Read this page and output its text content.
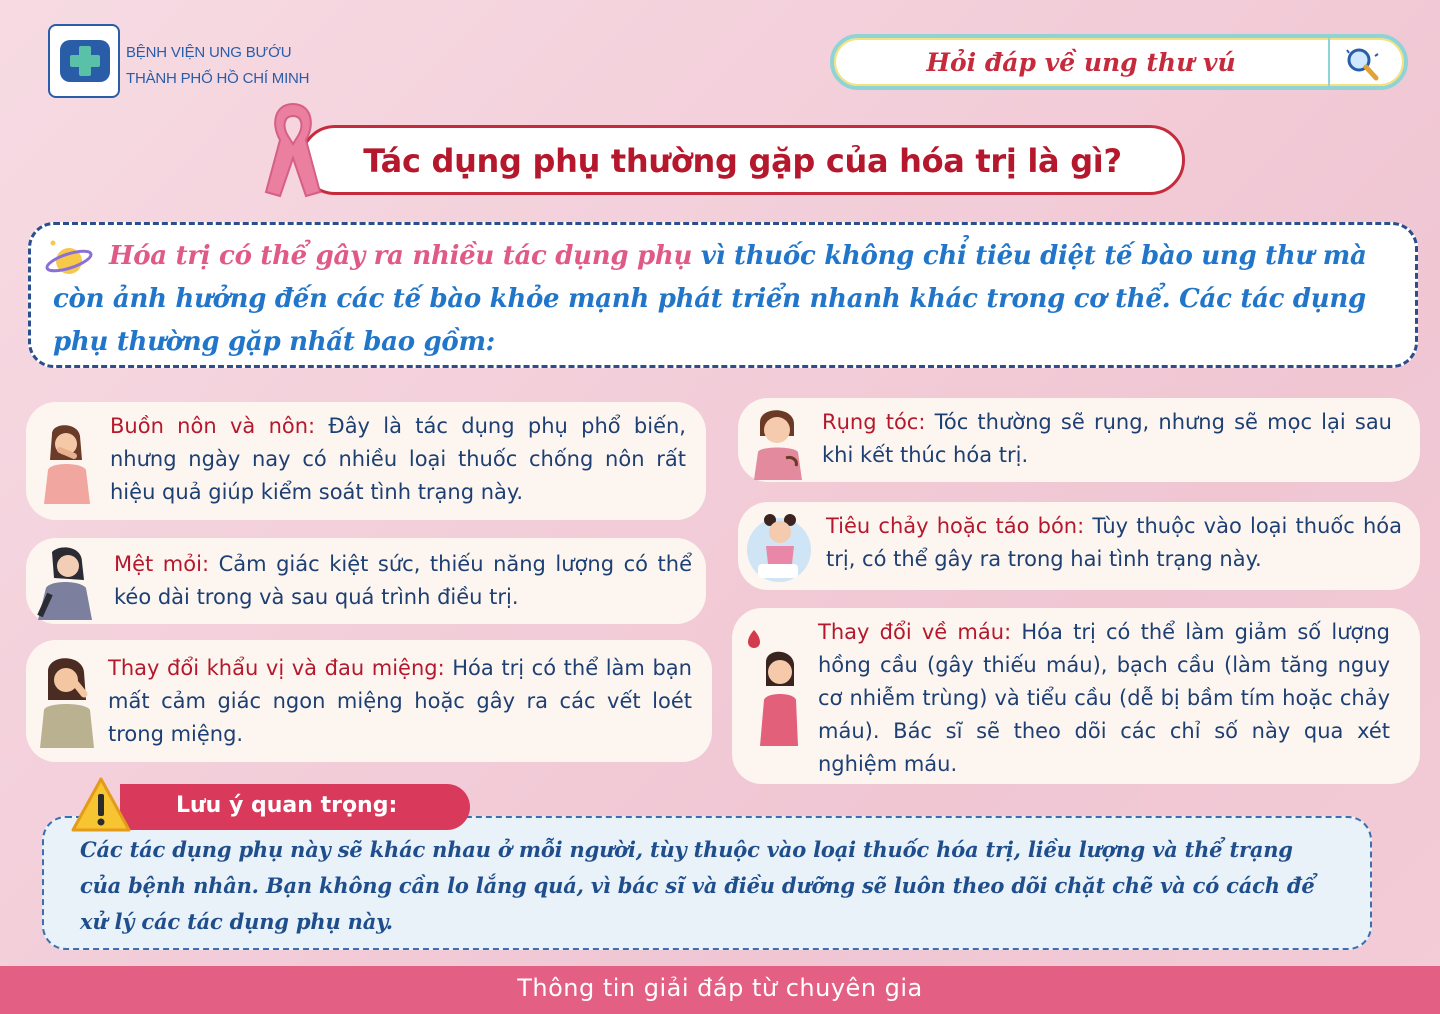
BỆNH VIỆN UNG BƯỚU
THÀNH PHỐ HỒ CHÍ MINH
Hỏi đáp về ung thư vú
Tác dụng phụ thường gặp của hóa trị là gì?

Hóa trị có thể gây ra nhiều tác dụng phụ vì thuốc không chỉ tiêu diệt tế bào ung thư mà còn ảnh hưởng đến các tế bào khỏe mạnh phát triển nhanh khác trong cơ thể. Các tác dụng phụ thường gặp nhất bao gồm:

Buồn nôn và nôn: Đây là tác dụng phụ phổ biến, nhưng ngày nay có nhiều loại thuốc chống nôn rất hiệu quả giúp kiểm soát tình trạng này.
Mệt mỏi: Cảm giác kiệt sức, thiếu năng lượng có thể kéo dài trong và sau quá trình điều trị.
Thay đổi khẩu vị và đau miệng: Hóa trị có thể làm bạn mất cảm giác ngon miệng hoặc gây ra các vết loét trong miệng.
Rụng tóc: Tóc thường sẽ rụng, nhưng sẽ mọc lại sau khi kết thúc hóa trị.
Tiêu chảy hoặc táo bón: Tùy thuộc vào loại thuốc hóa trị, có thể gây ra trong hai tình trạng này.
Thay đổi về máu: Hóa trị có thể làm giảm số lượng hồng cầu (gây thiếu máu), bạch cầu (làm tăng nguy cơ nhiễm trùng) và tiểu cầu (dễ bị bầm tím hoặc chảy máu). Bác sĩ sẽ theo dõi các chỉ số này qua xét nghiệm máu.

Các tác dụng phụ này sẽ khác nhau ở mỗi người, tùy thuộc vào loại thuốc hóa trị, liều lượng và thể trạng của bệnh nhân. Bạn không cần lo lắng quá, vì bác sĩ và điều dưỡng sẽ luôn theo dõi chặt chẽ và có cách để xử lý các tác dụng phụ này.

Lưu ý quan trọng:
Thông tin giải đáp từ chuyên gia
